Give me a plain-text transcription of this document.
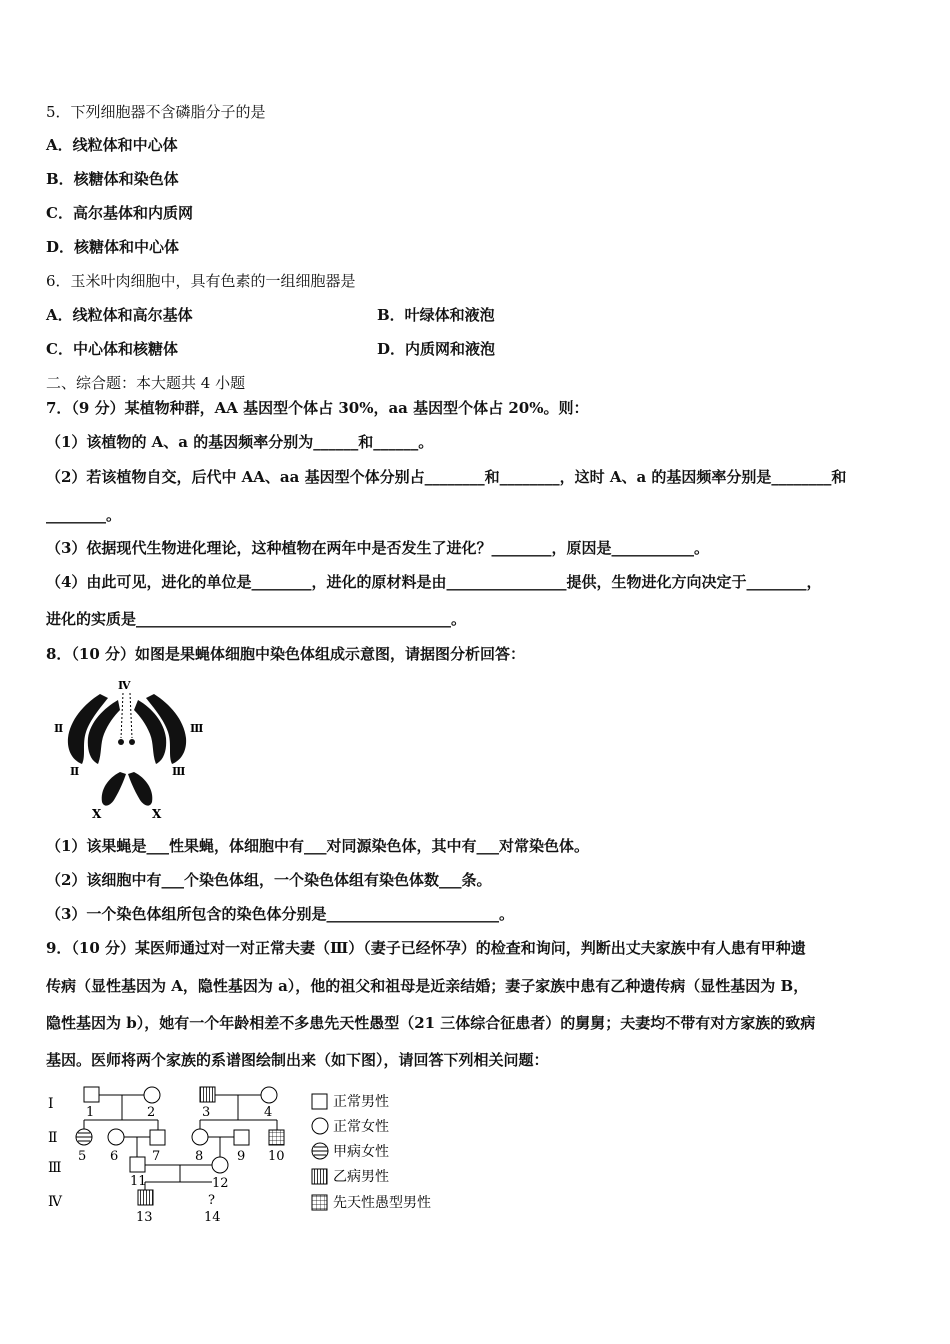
5．下列细胞器不含磷脂分子的是
A．线粒体和中心体
B．核糖体和染色体
C．高尔基体和内质网
D．核糖体和中心体
6．玉米叶肉细胞中，具有色素的一组细胞器是
A．线粒体和高尔基体	B．叶绿体和液泡
C．中心体和核糖体	D．内质网和液泡
二、综合题：本大题共 4 小题
7．（9 分）某植物种群，AA 基因型个体占 30%，aa 基因型个体占 20%。则：
（1）该植物的 A、a 的基因频率分别为______和______。
（2）若该植物自交，后代中 AA、aa 基因型个体分别占________和________，这时 A、a 的基因频率分别是________和
________。
（3）依据现代生物进化理论，这种植物在两年中是否发生了进化？________，原因是___________。
（4）由此可见，进化的单位是________，进化的原材料是由________________提供，生物进化方向决定于________，
进化的实质是__________________________________________。
8．（10 分）如图是果蝇体细胞中染色体组成示意图，请据图分析回答：
Ⅳ
Ⅱ
Ⅱ
Ⅲ
Ⅲ
X	X
（1）该果蝇是___性果蝇，体细胞中有___对同源染色体，其中有___对常染色体。
（2）该细胞中有___个染色体组，一个染色体组有染色体数___条。
（3）一个染色体组所包含的染色体分别是_______________________。
9．（10 分）某医师通过对一对正常夫妻（Ⅲ）（妻子已经怀孕）的检查和询问，判断出丈夫家族中有人患有甲种遗
传病（显性基因为 A，隐性基因为 a），他的祖父和祖母是近亲结婚；妻子家族中患有乙种遗传病（显性基因为 B，
隐性基因为 b），她有一个年龄相差不多患先天性愚型（21 三体综合征患者）的舅舅；夫妻均不带有对方家族的致病
基因。医师将两个家族的系谱图绘制出来（如下图），请回答下列相关问题：
Ⅰ
Ⅱ
Ⅲ
Ⅳ	?
1	2	3	4
5 6	7	8	9 10
11	12
13	14
正常男性
正常女性
甲病女性
乙病男性
先天性愚型男性
